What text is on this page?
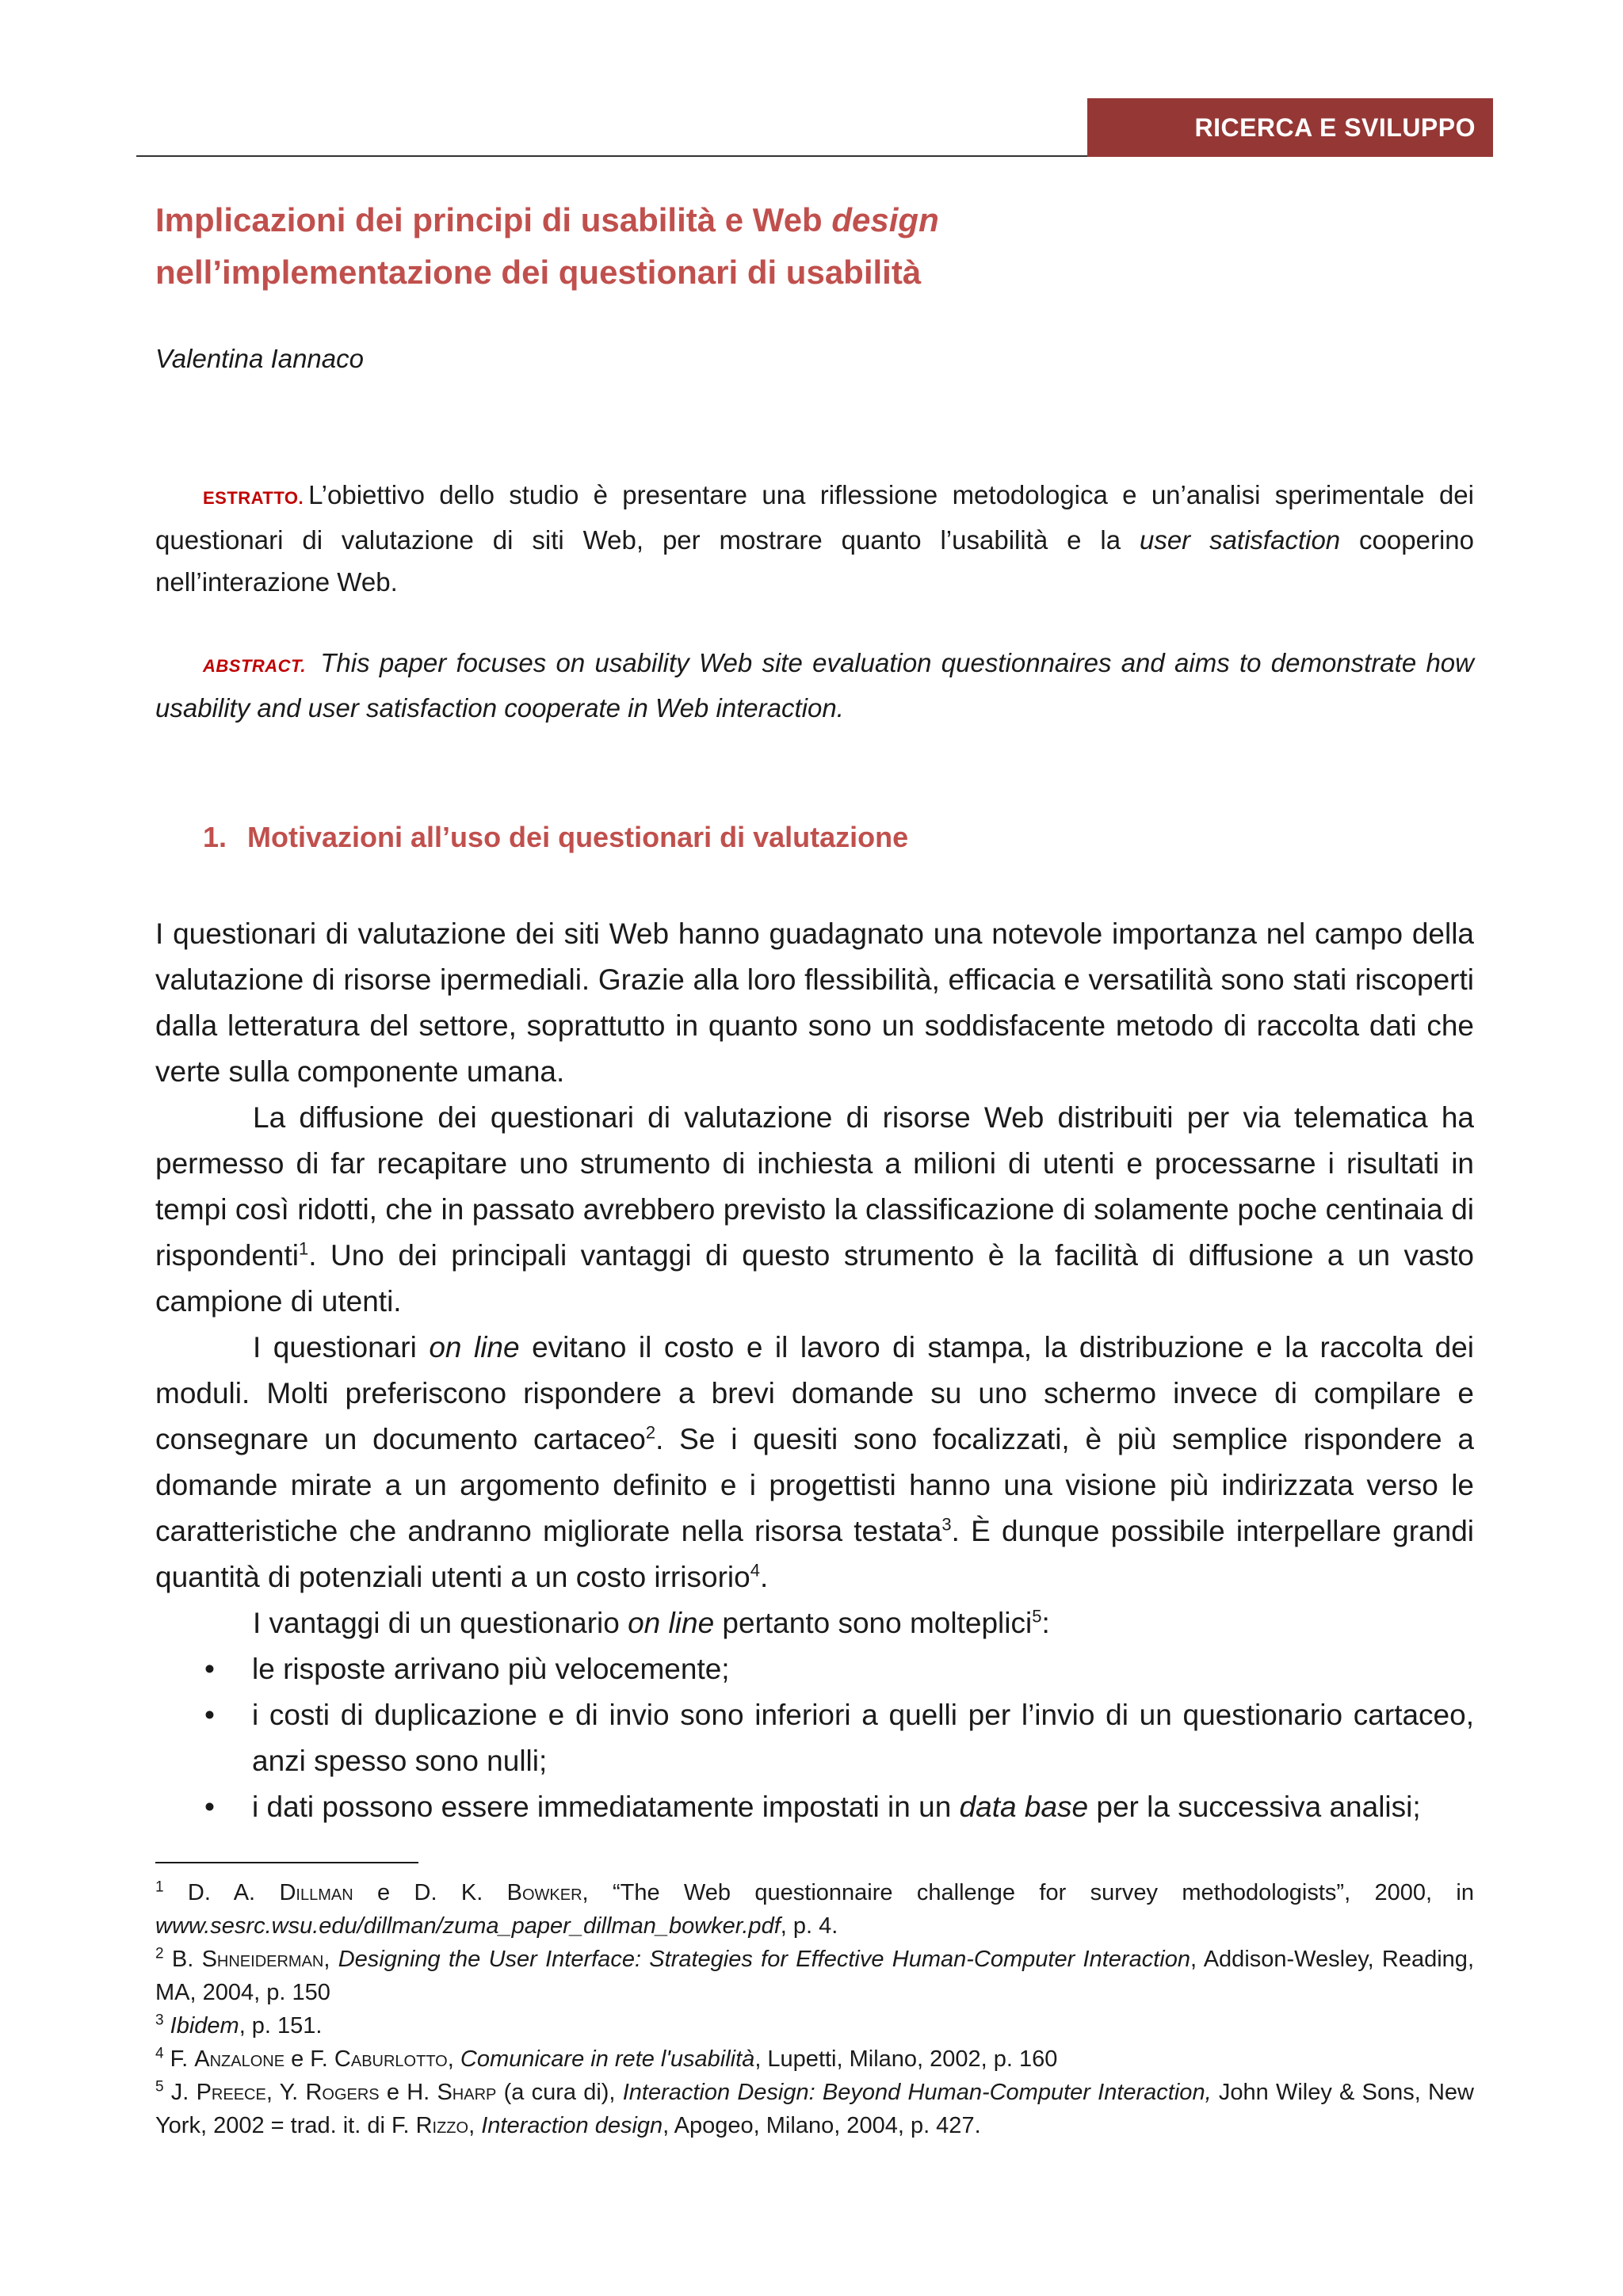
RICERCA E SVILUPPO
Implicazioni dei principi di usabilità e Web design
nell’implementazione dei questionari di usabilità
Valentina Iannaco
ESTRATTO. L’obiettivo dello studio è presentare una riflessione metodologica e un’analisi sperimentale dei questionari di valutazione di siti Web, per mostrare quanto l’usabilità e la user satisfaction cooperino nell’interazione Web.
ABSTRACT. This paper focuses on usability Web site evaluation questionnaires and aims to demonstrate how usability and user satisfaction cooperate in Web interaction.
1. Motivazioni all’uso dei questionari di valutazione

I questionari di valutazione dei siti Web hanno guadagnato una notevole importanza nel campo della valutazione di risorse ipermediali. Grazie alla loro flessibilità, efficacia e versatilità sono stati riscoperti dalla letteratura del settore, soprattutto in quanto sono un soddisfacente metodo di raccolta dati che verte sulla componente umana.

La diffusione dei questionari di valutazione di risorse Web distribuiti per via telematica ha permesso di far recapitare uno strumento di inchiesta a milioni di utenti e processarne i risultati in tempi così ridotti, che in passato avrebbero previsto la classificazione di solamente poche centinaia di rispondenti$^1$. Uno dei principali vantaggi di questo strumento è la facilità di diffusione a un vasto campione di utenti.

I questionari on line evitano il costo e il lavoro di stampa, la distribuzione e la raccolta dei moduli. Molti preferiscono rispondere a brevi domande su uno schermo invece di compilare e consegnare un documento cartaceo$^2$. Se i quesiti sono focalizzati, è più semplice rispondere a domande mirate a un argomento definito e i progettisti hanno una visione più indirizzata verso le caratteristiche che andranno migliorate nella risorsa testata$^3$. È dunque possibile interpellare grandi quantità di potenziali utenti a un costo irrisorio$^4$.

I vantaggi di un questionario on line pertanto sono molteplici$^5$:

• le risposte arrivano più velocemente;
• i costi di duplicazione e di invio sono inferiori a quelli per l’invio di un questionario cartaceo, anzi spesso sono nulli;
• i dati possono essere immediatamente impostati in un data base per la successiva analisi;

$^1$ D. A. Dillman e D. K. Bowker, “The Web questionnaire challenge for survey methodologists”, 2000, in www.sesrc.wsu.edu/dillman/zuma_paper_dillman_bowker.pdf, p. 4.

$^2$ B. Shneiderman, Designing the User Interface: Strategies for Effective Human-Computer Interaction, Addison-Wesley, Reading, MA, 2004, p. 150

$^3$ Ibidem, p. 151.

$^4$ F. Anzalone e F. Caburlotto, Comunicare in rete l'usabilità, Lupetti, Milano, 2002, p. 160

$^5$ J. Preece, Y. Rogers e H. Sharp (a cura di), Interaction Design: Beyond Human-Computer Interaction, John Wiley & Sons, New York, 2002 = trad. it. di F. Rizzo, Interaction design, Apogeo, Milano, 2004, p. 427.
